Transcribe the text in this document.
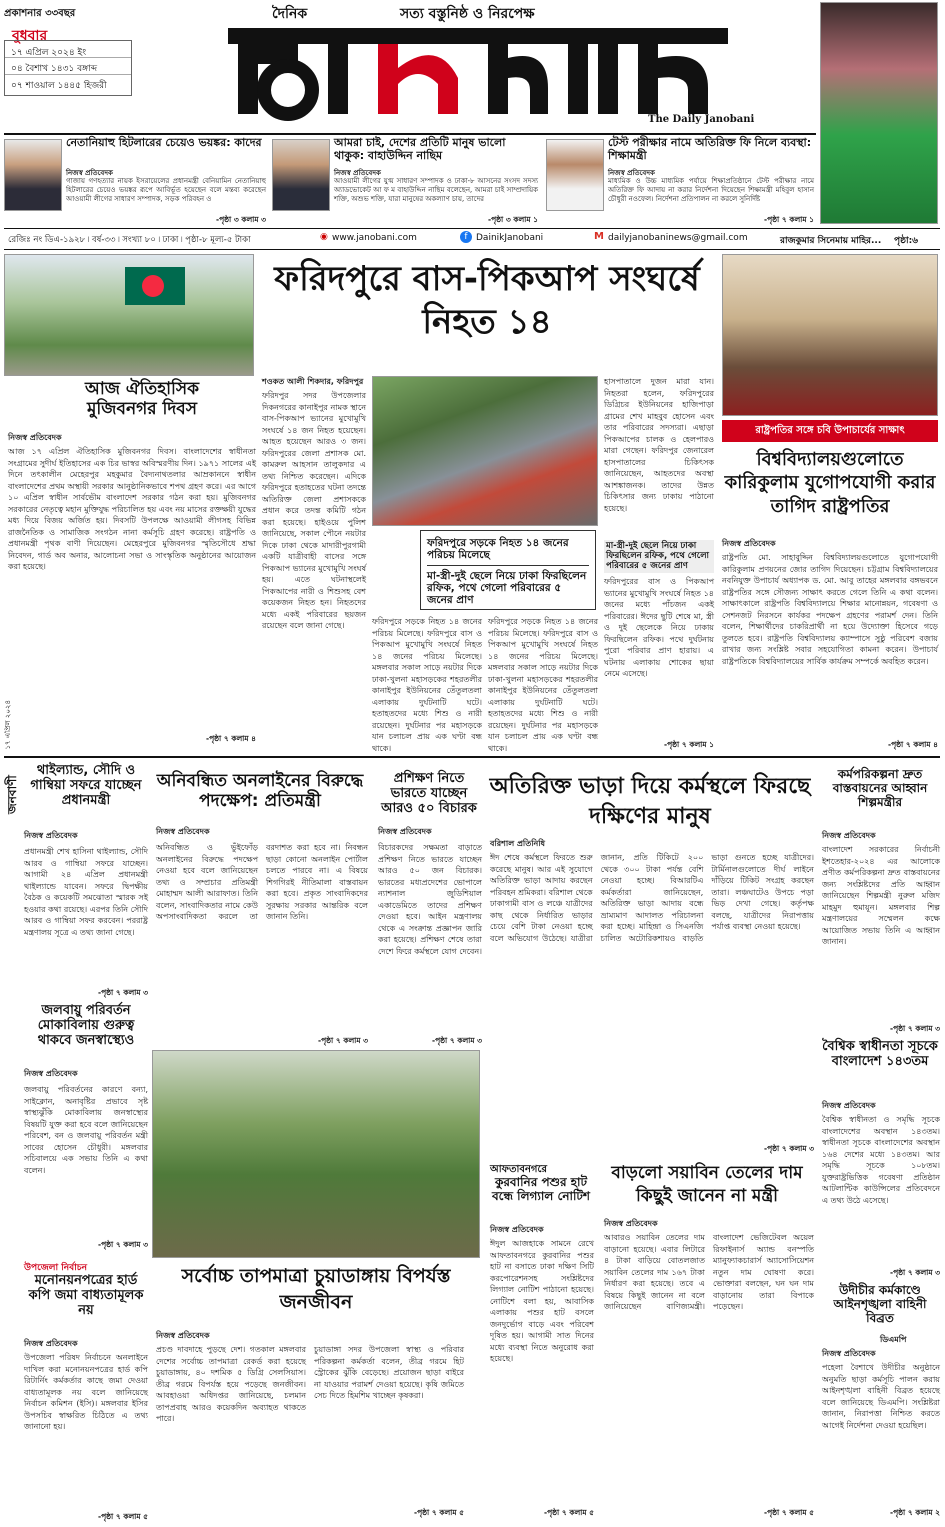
প্রকাশনার ৩৩বছর
বুধবার
১৭ এপ্রিল ২০২৪ ইং
০৪ বৈশাখ ১৪৩১ বঙ্গাব্দ
০৭ শাওয়াল ১৪৪৫ হিজরী
দৈনিক	সত্য বস্তুনিষ্ঠ ও নিরপেক্ষ
The Daily Janobani
নেতানিয়াহু হিটলারের চেয়েও ভয়ঙ্কর: কাদের
নিজস্ব প্রতিবেদক
গাজায় গণহত্যার নায়ক ইসরায়েলের প্রধানমন্ত্রী বেনিয়ামিন নেতানিয়াহু হিটলারের চেয়েও ভয়ঙ্কর রূপে আবির্ভূত হয়েছেন বলে মন্তব্য করেছেন আওয়ামী লীগের সাধারণ সম্পাদক, সড়ক পরিবহন ও
-পৃষ্ঠা ৩ কলাম ৩
আমরা চাই, দেশের প্রতিটি মানুষ ভালো থাকুক: বাহাউদ্দিন নাছিম
নিজস্ব প্রতিবেদক
আওয়ামী লীগের যুগ্ম সাধারণ সম্পাদক ও ঢাকা-৮ আসনের সংসদ সদস্য অ্যাডভোকেট আ ফ ম বাহাউদ্দিন নাছিম বলেছেন, আমরা চাই সাম্প্রদায়িক শক্তি, অশুভ শক্তি, যারা মানুষের অকল্যাণ চায়, তাদের
-পৃষ্ঠা ৩ কলাম ১
টেস্ট পরীক্ষার নামে অতিরিক্ত ফি নিলে ব্যবস্থা: শিক্ষামন্ত্রী
নিজস্ব প্রতিবেদক
মাধ্যমিক ও উচ্চ মাধ্যমিক পর্যায়ে শিক্ষাপ্রতিষ্ঠানে টেস্ট পরীক্ষার নামে অতিরিক্ত ফি আদায় না করার নির্দেশনা দিয়েছেন শিক্ষামন্ত্রী মহিবুল হাসান চৌধুরী নওফেল। নির্দেশনা প্রতিপালন না করলে সুনির্দিষ্ট
-পৃষ্ঠা ৭ কলাম ১
রেজিঃ নং ডিএ-১৯২৮ ৷ বর্ষ-৩৩ ৷ সংখ্যা ৮০ ৷ ঢাকা ৷ পৃষ্ঠা-৮ মূল্য-৫ টাকা	◉ www.janobani.com	f DainikJanobani	M dailyjanobaninews@gmail.com	রাজকুমার সিনেমায় মাহির... পৃষ্ঠা:৬
আজ ঐতিহাসিক মুজিবনগর দিবস
নিজস্ব প্রতিবেদক
আজ ১৭ এপ্রিল ঐতিহাসিক মুজিবনগর দিবস। বাংলাদেশের স্বাধীনতা সংগ্রামের সুদীর্ঘ ইতিহাসের এক চির ভাস্বর অবিস্মরণীয় দিন। ১৯৭১ সালের এই দিনে তৎকালীন মেহেরপুর মহকুমার বৈদ্যনাথতলার আম্রকাননে স্বাধীন বাংলাদেশের প্রথম অস্থায়ী সরকার আনুষ্ঠানিকভাবে শপথ গ্রহণ করে। এর আগে ১০ এপ্রিল স্বাধীন সার্বভৌম বাংলাদেশ সরকার গঠন করা হয়। মুজিবনগর সরকারের নেতৃত্বে মহান মুক্তিযুদ্ধ পরিচালিত হয় এবং নয় মাসের রক্তক্ষয়ী যুদ্ধের মধ্য দিয়ে বিজয় অর্জিত হয়। দিবসটি উপলক্ষে আওয়ামী লীগসহ বিভিন্ন রাজনৈতিক ও সামাজিক সংগঠন নানা কর্মসূচি গ্রহণ করেছে। রাষ্ট্রপতি ও প্রধানমন্ত্রী পৃথক বাণী দিয়েছেন। মেহেরপুরে মুজিবনগর স্মৃতিসৌধে শ্রদ্ধা নিবেদন, গার্ড অব অনার, আলোচনা সভা ও সাংস্কৃতিক অনুষ্ঠানের আয়োজন করা হয়েছে।
-পৃষ্ঠা ৭ কলাম ৪
ফরিদপুরে বাস-পিকআপ সংঘর্ষে নিহত ১৪
শওকত আলী শিকদার, ফরিদপুর
ফরিদপুর সদর উপজেলার দিকনগরের কানাইপুর নামক স্থানে বাস-পিকআপ ভ্যানের মুখোমুখি সংঘর্ষে ১৪ জন নিহত হয়েছেন। আহত হয়েছেন আরও ৩ জন। ফরিদপুরের জেলা প্রশাসক মো. কামরুল আহসান তালুকদার এ তথ্য নিশ্চিত করেছেন। এদিকে ফরিদপুরে হতাহতের ঘটনা তদন্তে অতিরিক্ত জেলা প্রশাসককে প্রধান করে তদন্ত কমিটি গঠন করা হয়েছে। হাইওয়ে পুলিশ জানিয়েছে, সকাল পৌনে নয়টার দিকে ঢাকা থেকে মাদারীপুরগামী একটি যাত্রীবাহী বাসের সঙ্গে পিকআপ ভ্যানের মুখোমুখি সংঘর্ষ হয়। এতে ঘটনাস্থলেই পিকআপের নারী ও শিশুসহ বেশ কয়েকজন নিহত হন। নিহতদের মধ্যে একই পরিবারের ছয়জন রয়েছেন বলে জানা গেছে।
হাসপাতালে দুজন মারা যান। নিহতরা হলেন, ফরিদপুরের ডিগ্রিচর ইউনিয়নের হাজিপাড়া গ্রামের শেখ মাহবুব হোসেন এবং তার পরিবারের সদস্যরা। এছাড়া পিকআপের চালক ও হেলপারও মারা গেছেন। ফরিদপুর জেনারেল হাসপাতালের চিকিৎসক জানিয়েছেন, আহতদের অবস্থা আশঙ্কাজনক। তাদের উন্নত চিকিৎসার জন্য ঢাকায় পাঠানো হয়েছে।
ফরিদপুরে সড়কে নিহত ১৪ জনের পরিচয় মিলেছে
মা-স্ত্রী-দুই ছেলে নিয়ে ঢাকা ফিরছিলেন রফিক, পথে গেলো পরিবারের ৫ জনের প্রাণ
ফরিদপুরে সড়কে নিহত ১৪ জনের পরিচয় মিলেছে। ফরিদপুরে বাস ও পিকআপ মুখোমুখি সংঘর্ষে নিহত ১৪ জনের পরিচয় মিলেছে। মঙ্গলবার সকাল সাড়ে নয়টার দিকে ঢাকা-খুলনা মহাসড়কের শহরতলীর কানাইপুর ইউনিয়নের তেঁতুলতলা এলাকায় দুর্ঘটনাটি ঘটে। হতাহতদের মধ্যে শিশু ও নারী রয়েছেন। দুর্ঘটনার পর মহাসড়কে যান চলাচল প্রায় এক ঘণ্টা বন্ধ থাকে।
ফরিদপুরে সড়কে নিহত ১৪ জনের পরিচয় মিলেছে। ফরিদপুরে বাস ও পিকআপ মুখোমুখি সংঘর্ষে নিহত ১৪ জনের পরিচয় মিলেছে। মঙ্গলবার সকাল সাড়ে নয়টার দিকে ঢাকা-খুলনা মহাসড়কের শহরতলীর কানাইপুর ইউনিয়নের তেঁতুলতলা এলাকায় দুর্ঘটনাটি ঘটে। হতাহতদের মধ্যে শিশু ও নারী রয়েছেন। দুর্ঘটনার পর মহাসড়কে যান চলাচল প্রায় এক ঘণ্টা বন্ধ থাকে।
মা-স্ত্রী-দুই ছেলে নিয়ে ঢাকা ফিরছিলেন রফিক, পথে গেলো পরিবারের ৫ জনের প্রাণ
ফরিদপুরের বাস ও পিকআপ ভ্যানের মুখোমুখি সংঘর্ষে নিহত ১৪ জনের মধ্যে পাঁচজন একই পরিবারের। ঈদের ছুটি শেষে মা, স্ত্রী ও দুই ছেলেকে নিয়ে ঢাকায় ফিরছিলেন রফিক। পথে দুর্ঘটনায় পুরো পরিবার প্রাণ হারায়। এ ঘটনায় এলাকায় শোকের ছায়া নেমে এসেছে।
-পৃষ্ঠা ৭ কলাম ১
রাষ্ট্রপতির সঙ্গে চবি উপাচার্যের সাক্ষাৎ
বিশ্ববিদ্যালয়গুলোতে কারিকুলাম যুগোপযোগী করার তাগিদ রাষ্ট্রপতির
নিজস্ব প্রতিবেদক
রাষ্ট্রপতি মো. সাহাবুদ্দিন বিশ্ববিদ্যালয়গুলোতে যুগোপযোগী কারিকুলাম প্রণয়নের জোর তাগিদ দিয়েছেন। চট্টগ্রাম বিশ্ববিদ্যালয়ের নবনিযুক্ত উপাচার্য অধ্যাপক ড. মো. আবু তাহের মঙ্গলবার বঙ্গভবনে রাষ্ট্রপতির সঙ্গে সৌজন্য সাক্ষাৎ করতে গেলে তিনি এ কথা বলেন। সাক্ষাৎকালে রাষ্ট্রপতি বিশ্ববিদ্যালয়ে শিক্ষার মানোন্নয়ন, গবেষণা ও সেশনজট নিরসনে কার্যকর পদক্ষেপ গ্রহণের পরামর্শ দেন। তিনি বলেন, শিক্ষার্থীদের চাকরিপ্রার্থী না হয়ে উদ্যোক্তা হিসেবে গড়ে তুলতে হবে। রাষ্ট্রপতি বিশ্ববিদ্যালয় ক্যাম্পাসে সুষ্ঠু পরিবেশ বজায় রাখার জন্য সংশ্লিষ্ট সবার সহযোগিতা কামনা করেন। উপাচার্য রাষ্ট্রপতিকে বিশ্ববিদ্যালয়ের সার্বিক কার্যক্রম সম্পর্কে অবহিত করেন।
-পৃষ্ঠা ৭ কলাম ৪
১৭ এপ্রিল ২০২৪
জনবাণী
থাইল্যান্ড, সৌদি ও গাম্বিয়া সফরে যাচ্ছেন প্রধানমন্ত্রী
নিজস্ব প্রতিবেদক
প্রধানমন্ত্রী শেখ হাসিনা থাইল্যান্ড, সৌদি আরব ও গাম্বিয়া সফরে যাচ্ছেন। আগামী ২৪ এপ্রিল প্রধানমন্ত্রী থাইল্যান্ডে যাবেন। সফরে দ্বিপক্ষীয় বৈঠক ও কয়েকটি সমঝোতা স্মারক সই হওয়ার কথা রয়েছে। এরপর তিনি সৌদি আরব ও গাম্বিয়া সফর করবেন। পররাষ্ট্র মন্ত্রণালয় সূত্রে এ তথ্য জানা গেছে।
-পৃষ্ঠা ৭ কলাম ৩
জলবায়ু পরিবর্তন মোকাবিলায় গুরুত্ব থাকবে জনস্বাস্থ্যেও
নিজস্ব প্রতিবেদক
জলবায়ু পরিবর্তনের কারণে বন্যা, সাইক্লোন, অনাবৃষ্টির প্রভাবে সৃষ্ট স্বাস্থ্যঝুঁকি মোকাবিলায় জনস্বাস্থ্যের বিষয়টি যুক্ত করা হবে বলে জানিয়েছেন পরিবেশ, বন ও জলবায়ু পরিবর্তন মন্ত্রী সাবের হোসেন চৌধুরী। মঙ্গলবার সচিবালয়ে এক সভায় তিনি এ কথা বলেন।
-পৃষ্ঠা ৭ কলাম ৩
উপজেলা নির্বাচন
মনোনয়নপত্রের হার্ড কপি জমা বাধ্যতামূলক নয়
নিজস্ব প্রতিবেদক
উপজেলা পরিষদ নির্বাচনে অনলাইনে দাখিল করা মনোনয়নপত্রের হার্ড কপি রিটার্নিং কর্মকর্তার কাছে জমা দেওয়া বাধ্যতামূলক নয় বলে জানিয়েছে নির্বাচন কমিশন (ইসি)। মঙ্গলবার ইসির উপসচিব স্বাক্ষরিত চিঠিতে এ তথ্য জানানো হয়।
-পৃষ্ঠা ৭ কলাম ৫
অনিবন্ধিত অনলাইনের বিরুদ্ধে পদক্ষেপ: প্রতিমন্ত্রী
নিজস্ব প্রতিবেদক
অনিবন্ধিত ও ভুঁইফোঁড় অনলাইনের বিরুদ্ধে পদক্ষেপ নেওয়া হবে বলে জানিয়েছেন তথ্য ও সম্প্রচার প্রতিমন্ত্রী মোহাম্মদ আলী আরাফাত। তিনি বলেন, সাংবাদিকতার নামে কেউ অপসাংবাদিকতা করলে তা বরদাশত করা হবে না। নিবন্ধন ছাড়া কোনো অনলাইন পোর্টাল চলতে পারবে না। এ বিষয়ে শিগগিরই নীতিমালা বাস্তবায়ন করা হবে। প্রকৃত সাংবাদিকদের সুরক্ষায় সরকার আন্তরিক বলে জানান তিনি।
-পৃষ্ঠা ৭ কলাম ৩
প্রশিক্ষণ নিতে ভারতে যাচ্ছেন আরও ৫০ বিচারক
নিজস্ব প্রতিবেদক
বিচারকদের সক্ষমতা বাড়াতে প্রশিক্ষণ নিতে ভারতে যাচ্ছেন আরও ৫০ জন বিচারক। ভারতের মধ্যপ্রদেশের ভোপালে ন্যাশনাল জুডিশিয়াল একাডেমিতে তাদের প্রশিক্ষণ দেওয়া হবে। আইন মন্ত্রণালয় থেকে এ সংক্রান্ত প্রজ্ঞাপন জারি করা হয়েছে। প্রশিক্ষণ শেষে তারা দেশে ফিরে কর্মস্থলে যোগ দেবেন।
-পৃষ্ঠা ৭ কলাম ৩
অতিরিক্ত ভাড়া দিয়ে কর্মস্থলে ফিরছে দক্ষিণের মানুষ
বরিশাল প্রতিনিধি
ঈদ শেষে কর্মস্থলে ফিরতে শুরু করেছে মানুষ। আর এই সুযোগে অতিরিক্ত ভাড়া আদায় করছেন পরিবহন শ্রমিকরা। বরিশাল থেকে ঢাকাগামী বাস ও লঞ্চে যাত্রীদের কাছ থেকে নির্ধারিত ভাড়ার চেয়ে বেশি টাকা নেওয়া হচ্ছে বলে অভিযোগ উঠেছে। যাত্রীরা জানান, প্রতি টিকিটে ২০০ থেকে ৩০০ টাকা পর্যন্ত বেশি নেওয়া হচ্ছে। বিআরটিএ কর্মকর্তারা জানিয়েছেন, অতিরিক্ত ভাড়া আদায় বন্ধে ভ্রাম্যমাণ আদালত পরিচালনা করা হচ্ছে। মাহিন্দ্রা ও সিএনজি চালিত অটোরিকশায়ও বাড়তি ভাড়া গুনতে হচ্ছে যাত্রীদের। টার্মিনালগুলোতে দীর্ঘ লাইনে দাঁড়িয়ে টিকিট সংগ্রহ করছেন তারা। লঞ্চঘাটেও উপচে পড়া ভিড় দেখা গেছে। কর্তৃপক্ষ বলছে, যাত্রীদের নিরাপত্তায় পর্যাপ্ত ব্যবস্থা নেওয়া হয়েছে।
-পৃষ্ঠা ৭ কলাম ৩
কর্মপরিকল্পনা দ্রুত বাস্তবায়নের আহ্বান শিল্পমন্ত্রীর
নিজস্ব প্রতিবেদক
বাংলাদেশ সরকারের নির্বাচনী ইশতেহার-২০২৪ এর আলোকে প্রণীত কর্মপরিকল্পনা দ্রুত বাস্তবায়নের জন্য সংশ্লিষ্টদের প্রতি আহ্বান জানিয়েছেন শিল্পমন্ত্রী নুরুল মজিদ মাহমুদ হুমায়ূন। মঙ্গলবার শিল্প মন্ত্রণালয়ের সম্মেলন কক্ষে আয়োজিত সভায় তিনি এ আহ্বান জানান।
-পৃষ্ঠা ৭ কলাম ৩
বৈশ্বিক স্বাধীনতা সূচকে বাংলাদেশ ১৪৩তম
নিজস্ব প্রতিবেদক
বৈশ্বিক স্বাধীনতা ও সমৃদ্ধি সূচকে বাংলাদেশের অবস্থান ১৪৩তম। স্বাধীনতা সূচকে বাংলাদেশের অবস্থান ১৬৪ দেশের মধ্যে ১৪৩তম। আর সমৃদ্ধি সূচকে ১০৮তম। যুক্তরাষ্ট্রভিত্তিক গবেষণা প্রতিষ্ঠান আটলান্টিক কাউন্সিলের প্রতিবেদনে এ তথ্য উঠে এসেছে।
-পৃষ্ঠা ৭ কলাম ৩
উদীচীর কর্মকাণ্ডে আইনশৃঙ্খলা বাহিনী বিব্রত
ডিএমপি
নিজস্ব প্রতিবেদক
পহেলা বৈশাখে উদীচীর অনুষ্ঠানে অনুমতি ছাড়া কর্মসূচি পালন করায় আইনশৃঙ্খলা বাহিনী বিব্রত হয়েছে বলে জানিয়েছে ডিএমপি। সংশ্লিষ্টরা জানান, নিরাপত্তা নিশ্চিত করতে আগেই নির্দেশনা দেওয়া হয়েছিল।
-পৃষ্ঠা ৭ কলাম ২
সর্বোচ্চ তাপমাত্রা চুয়াডাঙ্গায় বিপর্যস্ত জনজীবন
নিজস্ব প্রতিবেদক
প্রচণ্ড দাবদাহে পুড়ছে দেশ। গতকাল মঙ্গলবার দেশের সর্বোচ্চ তাপমাত্রা রেকর্ড করা হয়েছে চুয়াডাঙ্গায়, ৪০ দশমিক ৫ ডিগ্রি সেলসিয়াস। তীব্র গরমে বিপর্যস্ত হয়ে পড়েছে জনজীবন। আবহাওয়া অধিদপ্তর জানিয়েছে, চলমান তাপপ্রবাহ আরও কয়েকদিন অব্যাহত থাকতে পারে।
চুয়াডাঙ্গা সদর উপজেলা স্বাস্থ্য ও পরিবার পরিকল্পনা কর্মকর্তা বলেন, তীব্র গরমে হিট স্ট্রোকের ঝুঁকি বেড়েছে। প্রয়োজন ছাড়া বাইরে না যাওয়ার পরামর্শ দেওয়া হয়েছে। কৃষি জমিতে সেচ দিতে হিমশিম খাচ্ছেন কৃষকরা।
-পৃষ্ঠা ৭ কলাম ৫
আফতাবনগরে
কুরবানির পশুর হাট বন্ধে লিগ্যাল নোটিশ
নিজস্ব প্রতিবেদক
ঈদুল আজহাকে সামনে রেখে আফতাবনগরে কুরবানির পশুর হাট না বসাতে ঢাকা দক্ষিণ সিটি করপোরেশনসহ সংশ্লিষ্টদের লিগ্যাল নোটিশ পাঠানো হয়েছে। নোটিশে বলা হয়, আবাসিক এলাকায় পশুর হাট বসলে জনদুর্ভোগ বাড়ে এবং পরিবেশ দূষিত হয়। আগামী সাত দিনের মধ্যে ব্যবস্থা নিতে অনুরোধ করা হয়েছে।
-পৃষ্ঠা ৭ কলাম ৫
বাড়লো সয়াবিন তেলের দাম কিছুই জানেন না মন্ত্রী
নিজস্ব প্রতিবেদক
আবারও সয়াবিন তেলের দাম বাড়ানো হয়েছে। এবার লিটারে ৪ টাকা বাড়িয়ে বোতলজাত সয়াবিন তেলের দাম ১৬৭ টাকা নির্ধারণ করা হয়েছে। তবে এ বিষয়ে কিছুই জানেন না বলে জানিয়েছেন বাণিজ্যমন্ত্রী। বাংলাদেশ ভেজিটেবল অয়েল রিফাইনার্স অ্যান্ড বনস্পতি ম্যানুফ্যাকচারার্স অ্যাসোসিয়েশন নতুন দাম ঘোষণা করে। ভোক্তারা বলছেন, ঘন ঘন দাম বাড়ানোয় তারা বিপাকে পড়েছেন।
-পৃষ্ঠা ৭ কলাম ৫
